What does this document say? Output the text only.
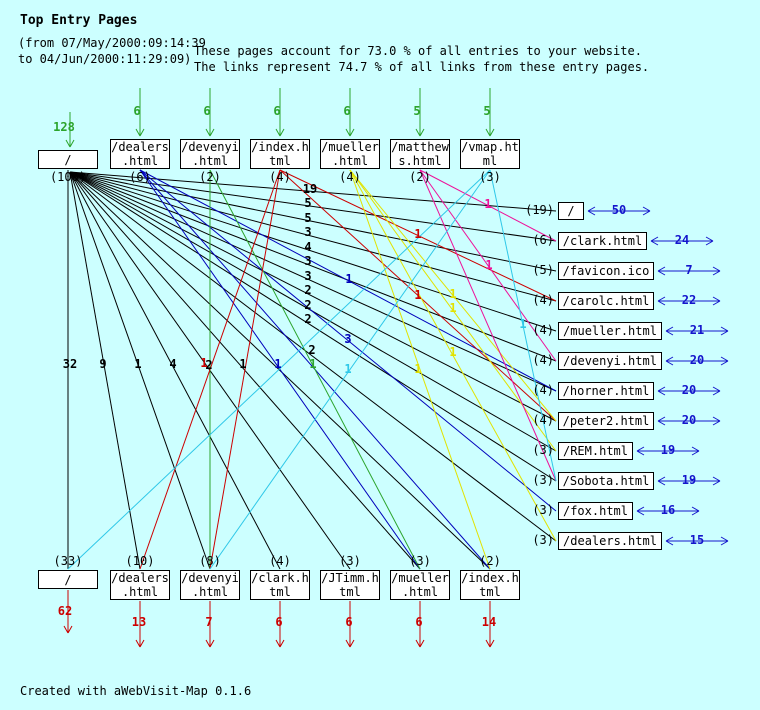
128
6	6	6	6	5	5
50
24
7
22
21
20
20
20
19
19
16
15
62
13	7	6	6	6	14
19
5
5
3
4
3
3
2
2
2
2
32	9	1	4	2	1
1
3
1	1
1
1
1
1
1
1
1
1
1
1
1
Top Entry Pages
(from 07/May/2000:09:14:39
to 04/Jun/2000:11:29:09)
These pages account for 73.0 % of all entries to your website.
The links represent 74.7 % of all links from these entry pages.
Created with aWebVisit-Map 0.1.6
/
(100)
/dealers
.html
(6)
/devenyi
.html
(2)
/index.h
tml
(4)
/mueller
.html
(4)
/matthew
s.html
(2)
/vmap.ht
ml
(3)
(19) /
(6) /clark.html
(5) /favicon.ico
(4) /carolc.html
(4) /mueller.html
(4) /devenyi.html
(4) /horner.html
(4) /peter2.html
(3) /REM.html
(3) /Sobota.html
(3) /fox.html
(3) /dealers.html
(33)
/
(10)
/dealers
.html
(8)
/devenyi
.html
(4)
/clark.h
tml
(3)
/JTimm.h
tml
(3)
/mueller
.html
(2)
/index.h
tml
